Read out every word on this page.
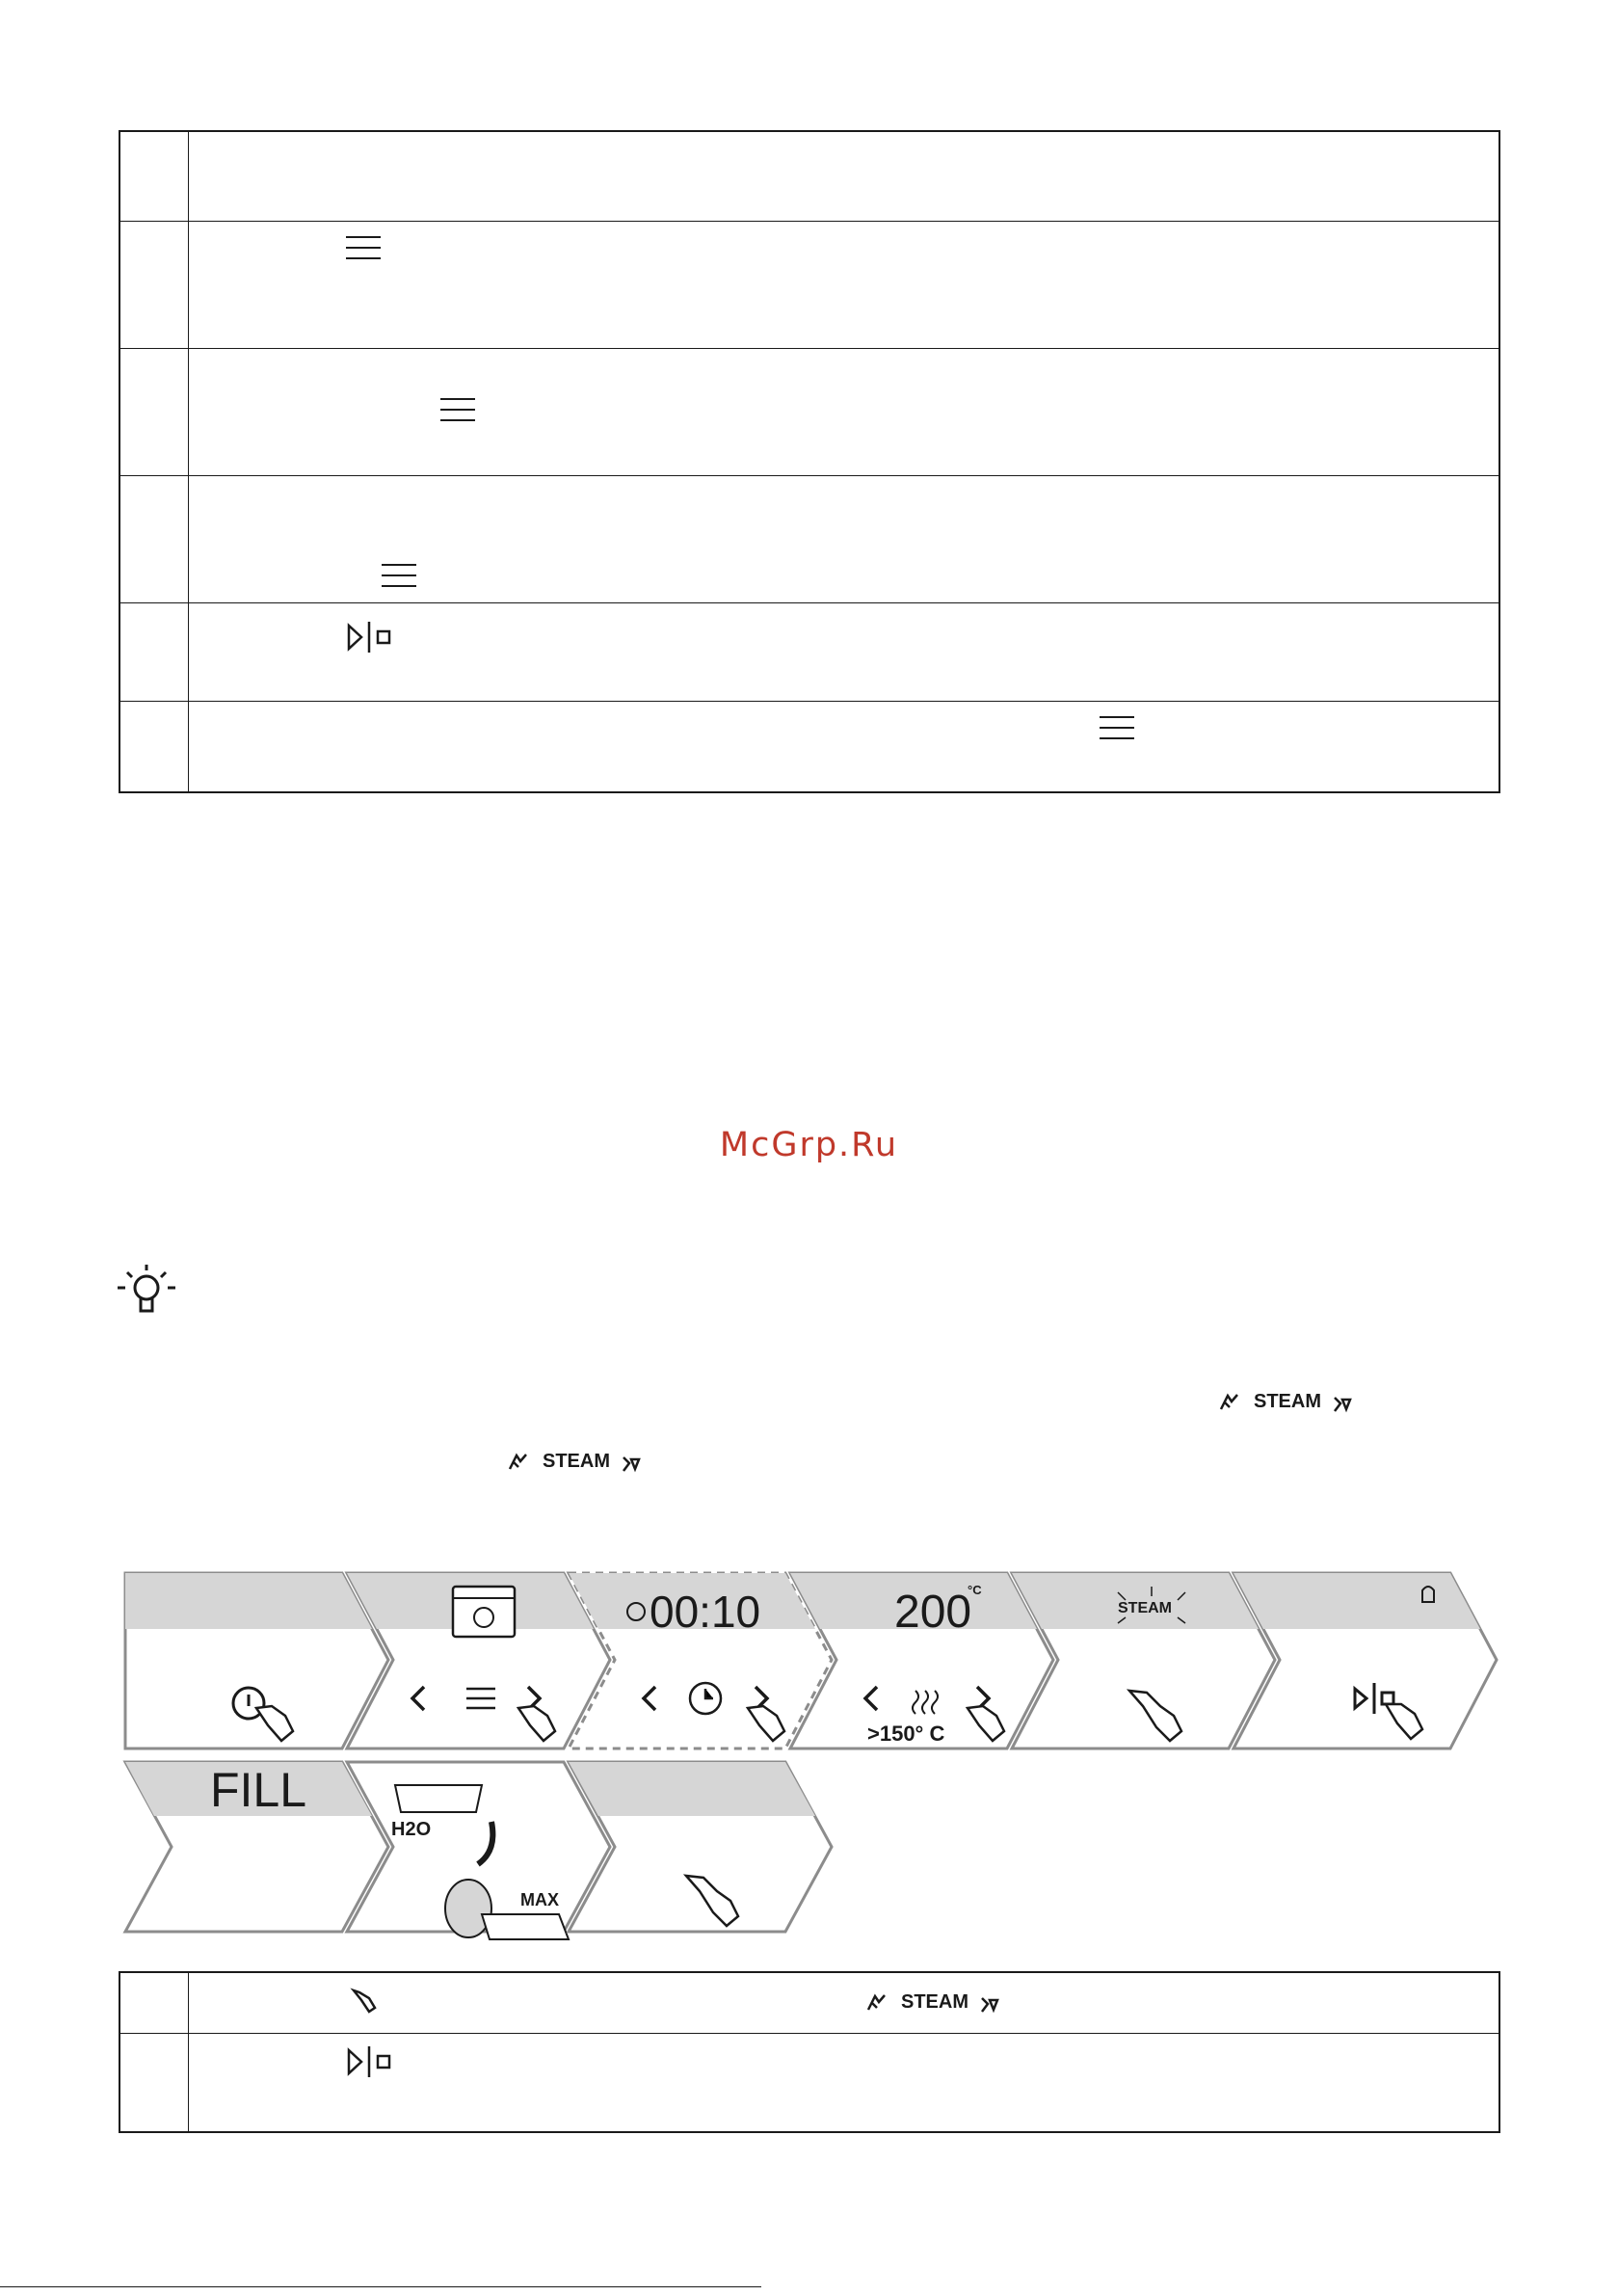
McGrp.Ru
STEAM
STEAM
00:10	200
°C
>150° C
STEAM
FILL
H2O
MAX
STEAM
